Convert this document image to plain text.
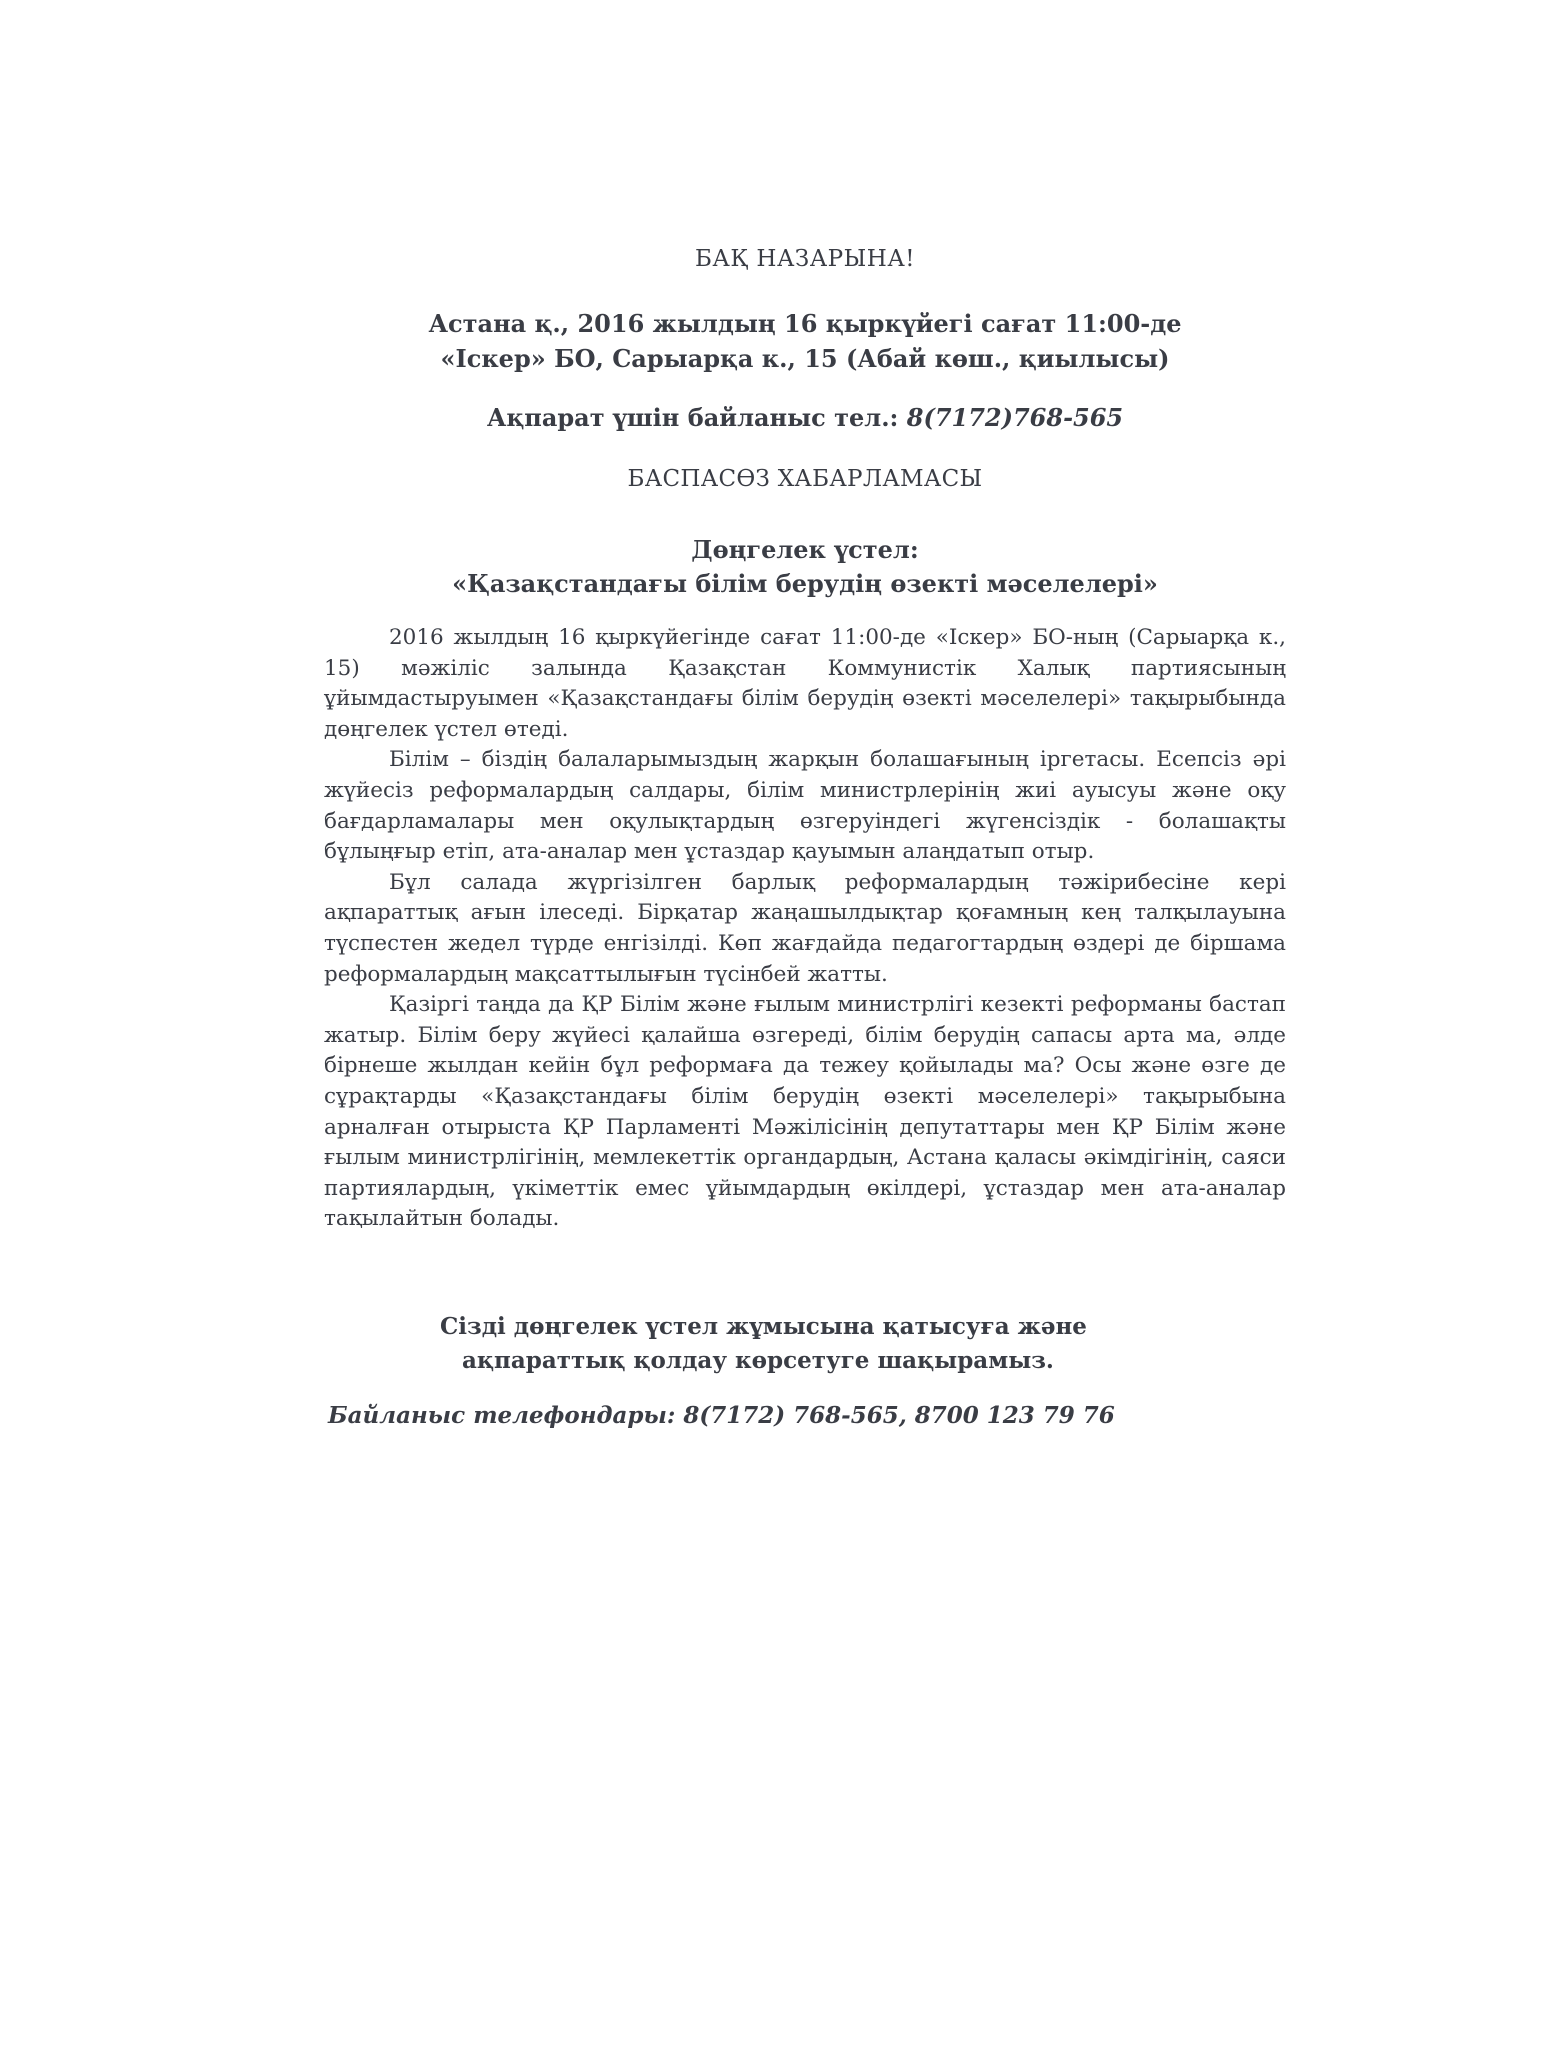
БАҚ НАЗАРЫНА!
Астана қ., 2016 жылдың 16 қыркүйегі сағат 11:00-де
«Іскер» БО, Сарыарқа к., 15 (Абай көш., қиылысы)
Ақпарат үшін байланыс тел.: 8(7172)768-565
БАСПАСӨЗ ХАБАРЛАМАСЫ
Дөңгелек үстел:
«Қазақстандағы білім берудің өзекті мәселелері»

2016 жылдың 16 қыркүйегінде сағат 11:00-де «Іскер» БО-ның (Сарыарқа к., 15) мәжіліс залында Қазақстан Коммунистік Халық партиясының ұйымдастыруымен «Қазақстандағы білім берудің өзекті мәселелері» тақырыбында дөңгелек үстел өтеді.

Білім – біздің балаларымыздың жарқын болашағының іргетасы. Есепсіз әрі жүйесіз реформалардың салдары, білім министрлерінің жиі ауысуы және оқу бағдарламалары мен оқулықтардың өзгеруіндегі жүгенсіздік - болашақты бұлыңғыр етіп, ата-аналар мен ұстаздар қауымын алаңдатып отыр.

Бұл салада жүргізілген барлық реформалардың тәжірибесіне кері ақпараттық ағын ілеседі. Бірқатар жаңашылдықтар қоғамның кең талқылауына түспестен жедел түрде енгізілді. Көп жағдайда педагогтардың өздері де біршама реформалардың мақсаттылығын түсінбей жатты.

Қазіргі таңда да ҚР Білім және ғылым министрлігі кезекті реформаны бастап жатыр. Білім беру жүйесі қалайша өзгереді, білім берудің сапасы арта ма, әлде бірнеше жылдан кейін бұл реформаға да тежеу қойылады ма? Осы және өзге де сұрақтарды «Қазақстандағы білім берудің өзекті мәселелері» тақырыбына арналған отырыста ҚР Парламенті Мәжілісінің депутаттары мен ҚР Білім және ғылым министрлігінің, мемлекеттік органдардың, Астана қаласы әкімдігінің, саяси партиялардың, үкіметтік емес ұйымдардың өкілдері, ұстаздар мен ата-аналар тақылайтын болады.

Сізді дөңгелек үстел жұмысына қатысуға және
ақпараттық қолдау көрсетуге шақырамыз.
Байланыс телефондары: 8(7172) 768-565, 8700 123 79 76
